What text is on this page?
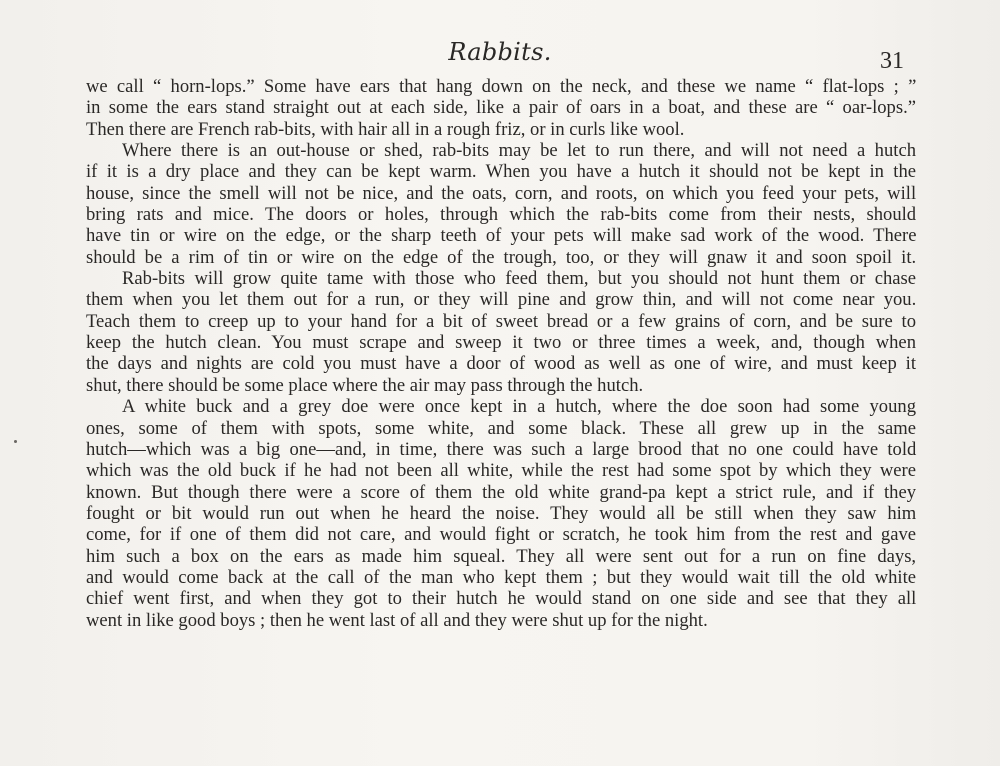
Rabbits.	31
we call “ horn-lops.” Some have ears that hang down on the neck, and these we name “ flat-lops ; ”
in some the ears stand straight out at each side, like a pair of oars in a boat, and these are “ oar-lops.”
Then there are French rab-bits, with hair all in a rough friz, or in curls like wool.
Where there is an out-house or shed, rab-bits may be let to run there, and will not need a hutch
if it is a dry place and they can be kept warm. When you have a hutch it should not be kept in the
house, since the smell will not be nice, and the oats, corn, and roots, on which you feed your pets, will
bring rats and mice. The doors or holes, through which the rab-bits come from their nests, should
have tin or wire on the edge, or the sharp teeth of your pets will make sad work of the wood. There
should be a rim of tin or wire on the edge of the trough, too, or they will gnaw it and soon spoil it.
Rab-bits will grow quite tame with those who feed them, but you should not hunt them or chase
them when you let them out for a run, or they will pine and grow thin, and will not come near you.
Teach them to creep up to your hand for a bit of sweet bread or a few grains of corn, and be sure to
keep the hutch clean. You must scrape and sweep it two or three times a week, and, though when
the days and nights are cold you must have a door of wood as well as one of wire, and must keep it
shut, there should be some place where the air may pass through the hutch.
A white buck and a grey doe were once kept in a hutch, where the doe soon had some young
ones, some of them with spots, some white, and some black. These all grew up in the same
hutch—which was a big one—and, in time, there was such a large brood that no one could have told
which was the old buck if he had not been all white, while the rest had some spot by which they were
known. But though there were a score of them the old white grand-pa kept a strict rule, and if they
fought or bit would run out when he heard the noise. They would all be still when they saw him
come, for if one of them did not care, and would fight or scratch, he took him from the rest and gave
him such a box on the ears as made him squeal. They all were sent out for a run on fine days,
and would come back at the call of the man who kept them ; but they would wait till the old white
chief went first, and when they got to their hutch he would stand on one side and see that they all
went in like good boys ; then he went last of all and they were shut up for the night.
